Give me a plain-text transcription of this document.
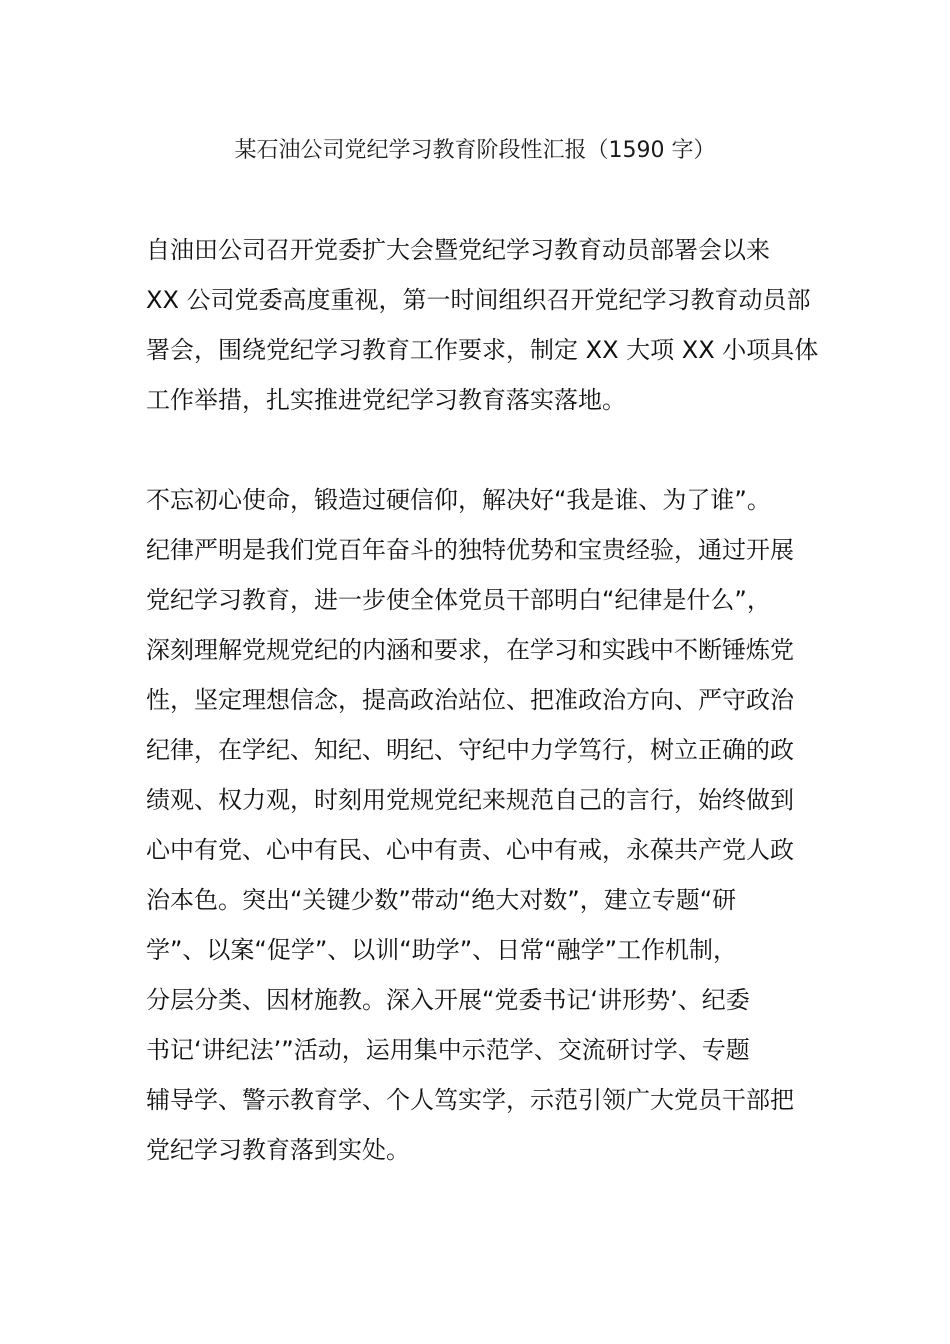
某石油公司党纪学习教育阶段性汇报（1590 字）
自油田公司召开党委扩大会暨党纪学习教育动员部署会以来
XX 公司党委高度重视，第一时间组织召开党纪学习教育动员部
署会，围绕党纪学习教育工作要求，制定 XX 大项 XX 小项具体
工作举措，扎实推进党纪学习教育落实落地。
不忘初心使命，锻造过硬信仰，解决好“我是谁、为了谁”。
纪律严明是我们党百年奋斗的独特优势和宝贵经验，通过开展
党纪学习教育，进一步使全体党员干部明白“纪律是什么”，
深刻理解党规党纪的内涵和要求，在学习和实践中不断锤炼党
性，坚定理想信念，提高政治站位、把准政治方向、严守政治
纪律，在学纪、知纪、明纪、守纪中力学笃行，树立正确的政
绩观、权力观，时刻用党规党纪来规范自己的言行，始终做到
心中有党、心中有民、心中有责、心中有戒，永葆共产党人政
治本色。突出“关键少数”带动“绝大对数”，建立专题“研
学”、以案“促学”、以训“助学”、日常“融学”工作机制，
分层分类、因材施教。深入开展“党委书记‘讲形势’、纪委
书记‘讲纪法’”活动，运用集中示范学、交流研讨学、专题
辅导学、警示教育学、个人笃实学，示范引领广大党员干部把
党纪学习教育落到实处。
